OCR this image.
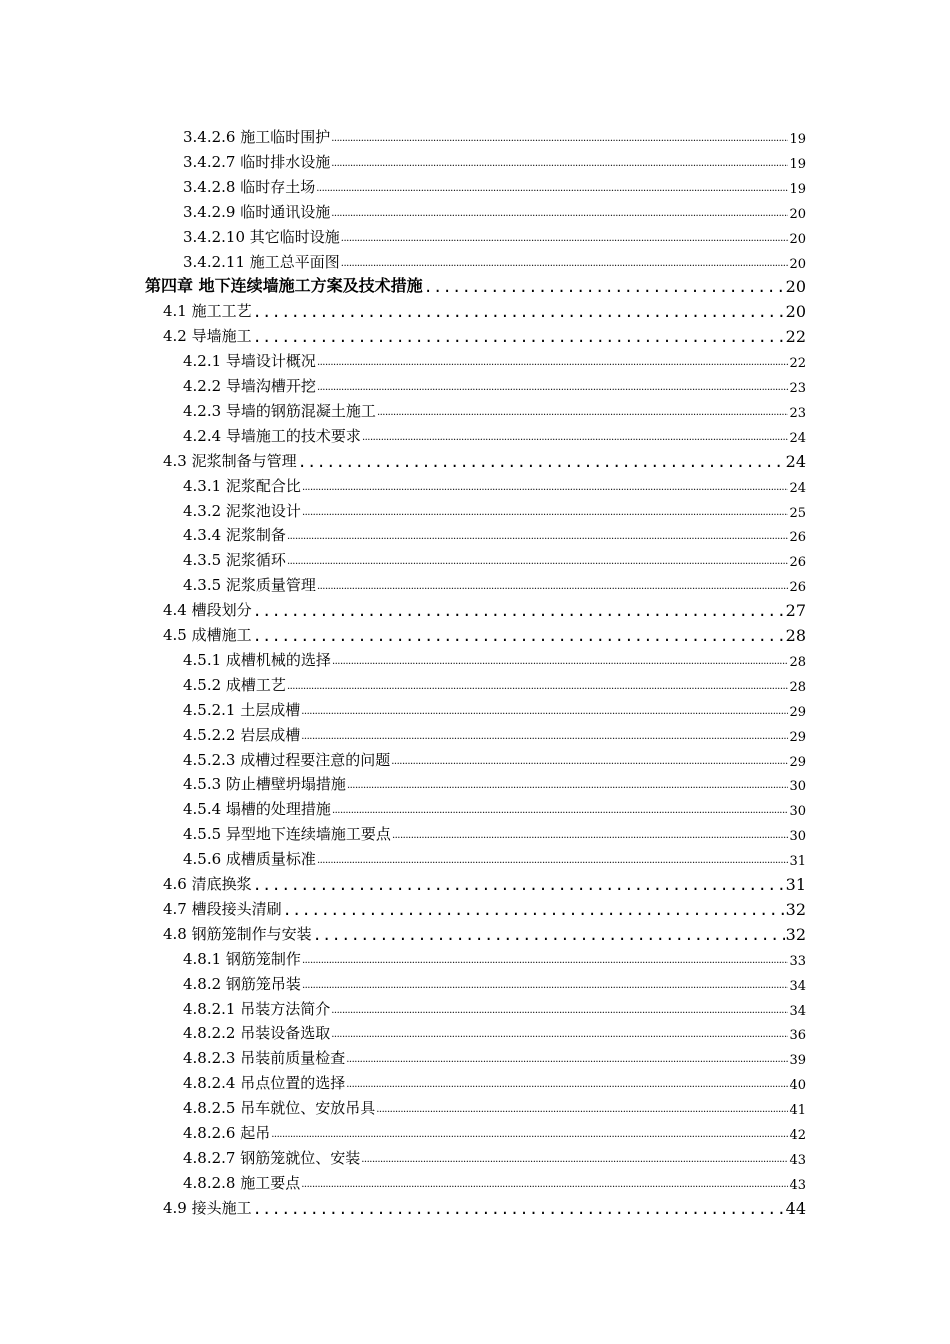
3.4.2.6 施工临时围护 .....	19
3.4.2.7 临时排水设施 .....	19
3.4.2.8 临时存土场 .....	19
3.4.2.9 临时通讯设施 .....	20
3.4.2.10 其它临时设施 .....	20
3.4.2.11 施工总平面图 .....	20
第四章 地下连续墙施工方案及技术措施 .....	20
4.1 施工工艺 .....	20
4.2 导墙施工 .....	22
4.2.1 导墙设计概况 .....	22
4.2.2 导墙沟槽开挖 .....	23
4.2.3 导墙的钢筋混凝土施工 .....	23
4.2.4 导墙施工的技术要求 .....	24
4.3 泥浆制备与管理 .....	24
4.3.1 泥浆配合比 .....	24
4.3.2 泥浆池设计 .....	25
4.3.4 泥浆制备 .....	26
4.3.5 泥浆循环 .....	26
4.3.5 泥浆质量管理 .....	26
4.4 槽段划分 .....	27
4.5 成槽施工 .....	28
4.5.1 成槽机械的选择 .....	28
4.5.2 成槽工艺 .....	28
4.5.2.1 土层成槽 .....	29
4.5.2.2 岩层成槽 .....	29
4.5.2.3 成槽过程要注意的问题 .....	29
4.5.3 防止槽壁坍塌措施 .....	30
4.5.4 塌槽的处理措施 .....	30
4.5.5 异型地下连续墙施工要点 .....	30
4.5.6 成槽质量标准 .....	31
4.6 清底换浆 .....	31
4.7 槽段接头清刷 .....	32
4.8 钢筋笼制作与安装 .....	32
4.8.1 钢筋笼制作 .....	33
4.8.2 钢筋笼吊装 .....	34
4.8.2.1 吊装方法简介 .....	34
4.8.2.2 吊装设备选取 .....	36
4.8.2.3 吊装前质量检查 .....	39
4.8.2.4 吊点位置的选择 .....	40
4.8.2.5 吊车就位、安放吊具 .....	41
4.8.2.6 起吊 .....	42
4.8.2.7 钢筋笼就位、安装 .....	43
4.8.2.8 施工要点 .....	43
4.9 接头施工 .....	44
